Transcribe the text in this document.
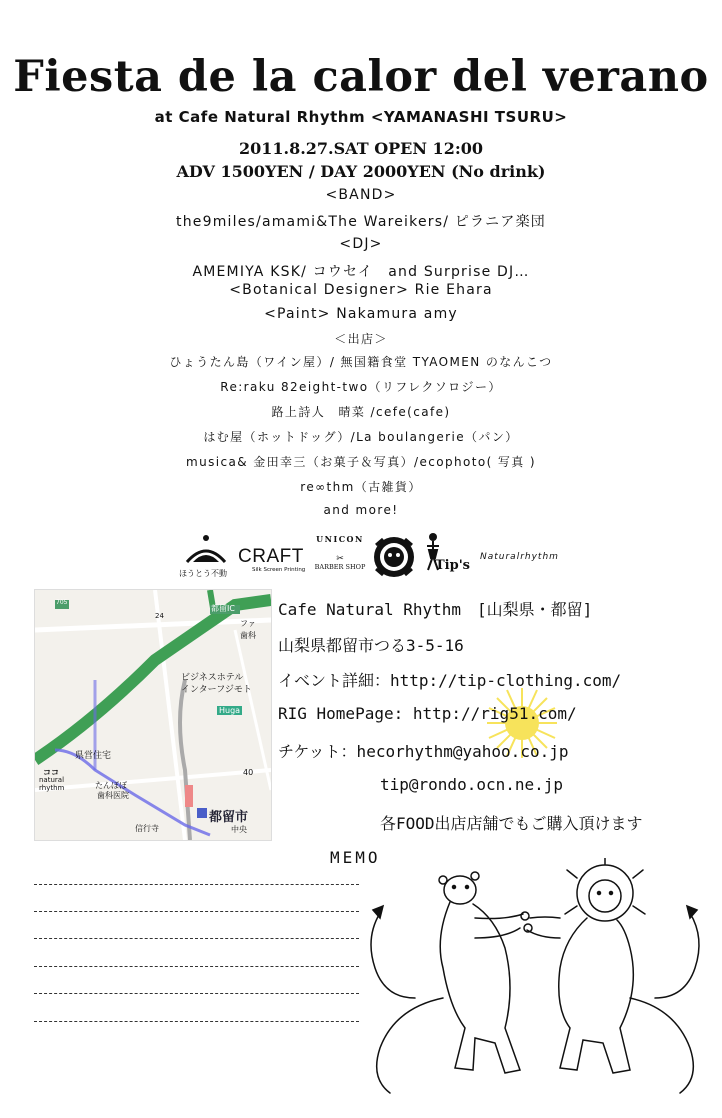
Fiesta de la calor del verano
at Cafe Natural Rhythm <YAMANASHI TSURU>
2011.8.27.SAT OPEN 12:00
ADV 1500YEN / DAY 2000YEN (No drink)
<BAND>
the9miles/amami&The Wareikers/ ピラニア楽団
<DJ>
AMEMIYA KSK/ コウセイ　and Surprise DJ…
<Botanical Designer> Rie Ehara
<Paint> Nakamura amy
＜出店＞
ひょうたん島（ワイン屋）/ 無国籍食堂 TYAOMEN のなんこつ
Re:raku 82eight-two（リフレクソロジー）
路上詩人　晴菜 /cefe(cafe)
はむ屋（ホットドッグ）/La boulangerie（パン）
musica& 金田幸三（お菓子＆写真）/ecophoto( 写真 )
re∞thm（古雑貨）
and more!
ほうとう不動
CRAFT
Silk Screen Printing
UNICON
✂
BARBER SHOP	Tip's
Naturalrhythm
705
都留IC
ファ
歯科
ビジネスホテル
インターフジモト
Huga
40
24
県営住宅
ココ
natural
rhythm	たんぼぼ
歯科医院
都留市
信行寺	中央
Cafe Natural Rhythm　[山梨県・都留]
山梨県都留市つる3-5-16
イベント詳細：http://tip-clothing.com/
RIG HomePage: http://rig51.com/
チケット：hecorhythm@yahoo.co.jp
tip@rondo.ocn.ne.jp
各FOOD出店店舗でもご購入頂けます
MEMO
